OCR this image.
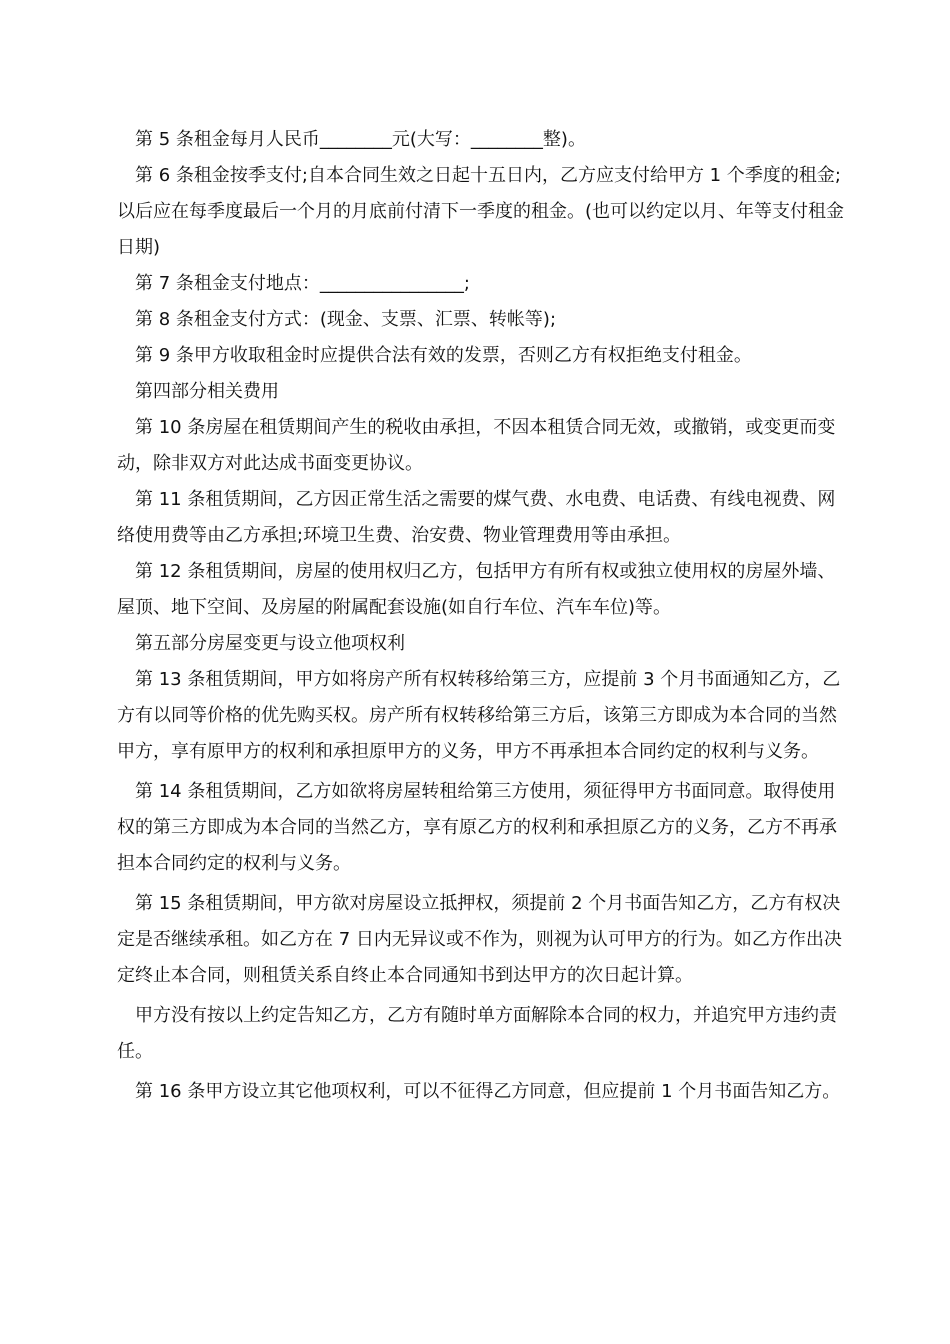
第 5 条租金每月人民币________元(大写：________整)。

第 6 条租金按季支付;自本合同生效之日起十五日内，乙方应支付给甲方 1 个季度的租金;以后应在每季度最后一个月的月底前付清下一季度的租金。(也可以约定以月、年等支付租金日期)

第 7 条租金支付地点：________________;

第 8 条租金支付方式：(现金、支票、汇票、转帐等);

第 9 条甲方收取租金时应提供合法有效的发票，否则乙方有权拒绝支付租金。

第四部分相关费用

第 10 条房屋在租赁期间产生的税收由承担，不因本租赁合同无效，或撤销，或变更而变动，除非双方对此达成书面变更协议。

第 11 条租赁期间，乙方因正常生活之需要的煤气费、水电费、电话费、有线电视费、网络使用费等由乙方承担;环境卫生费、治安费、物业管理费用等由承担。

第 12 条租赁期间，房屋的使用权归乙方，包括甲方有所有权或独立使用权的房屋外墙、屋顶、地下空间、及房屋的附属配套设施(如自行车位、汽车车位)等。

第五部分房屋变更与设立他项权利

第 13 条租赁期间，甲方如将房产所有权转移给第三方，应提前 3 个月书面通知乙方，乙方有以同等价格的优先购买权。房产所有权转移给第三方后，该第三方即成为本合同的当然甲方，享有原甲方的权利和承担原甲方的义务，甲方不再承担本合同约定的权利与义务。

第 14 条租赁期间，乙方如欲将房屋转租给第三方使用，须征得甲方书面同意。取得使用权的第三方即成为本合同的当然乙方，享有原乙方的权利和承担原乙方的义务，乙方不再承担本合同约定的权利与义务。

第 15 条租赁期间，甲方欲对房屋设立抵押权，须提前 2 个月书面告知乙方，乙方有权决定是否继续承租。如乙方在 7 日内无异议或不作为，则视为认可甲方的行为。如乙方作出决定终止本合同，则租赁关系自终止本合同通知书到达甲方的次日起计算。

甲方没有按以上约定告知乙方，乙方有随时单方面解除本合同的权力，并追究甲方违约责任。

第 16 条甲方设立其它他项权利，可以不征得乙方同意，但应提前 1 个月书面告知乙方。
